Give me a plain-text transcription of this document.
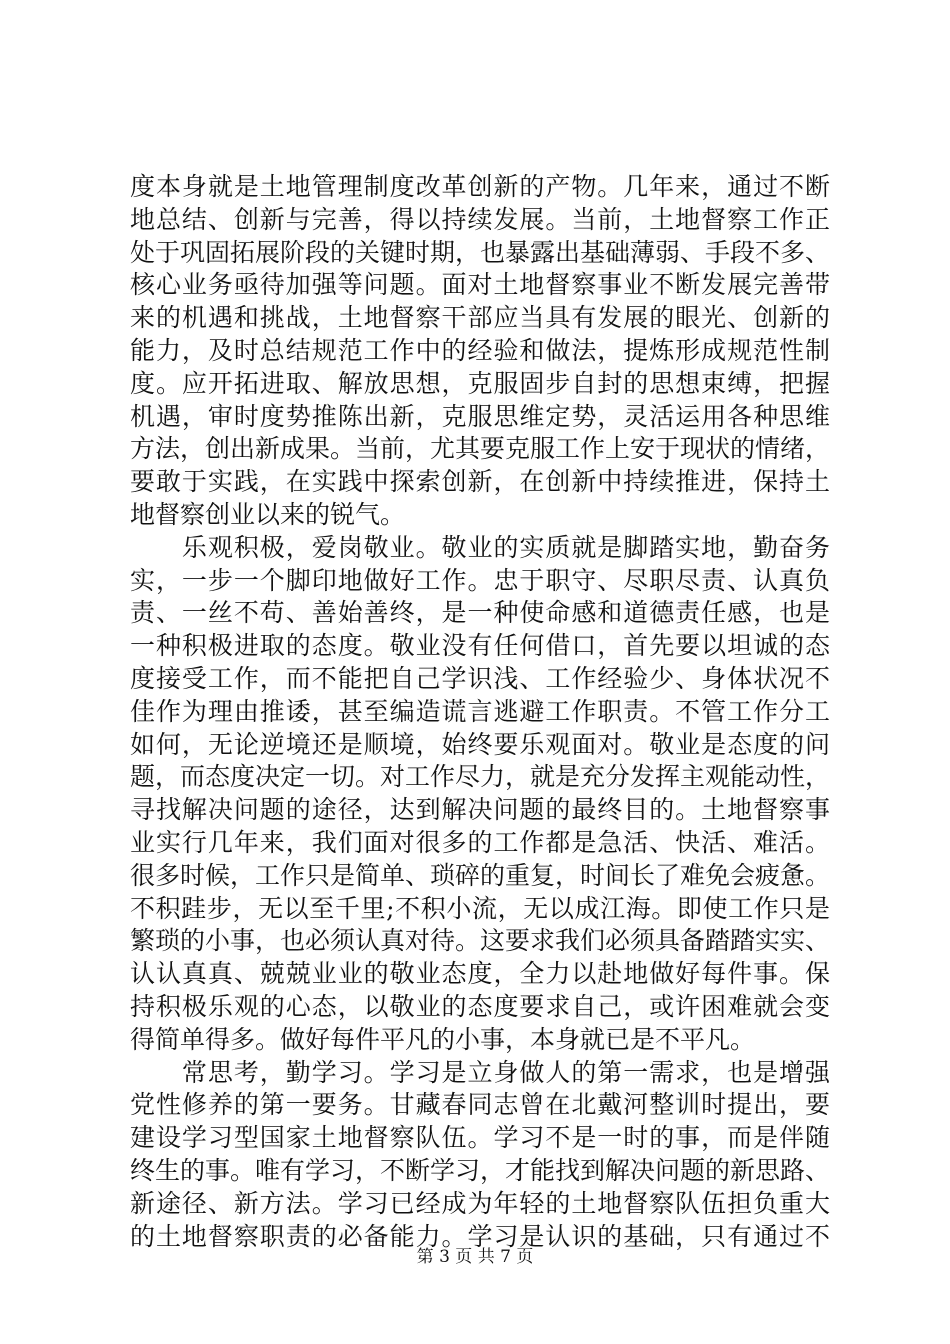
度本身就是土地管理制度改革创新的产物。几年来，通过不断
地总结、创新与完善，得以持续发展。当前，土地督察工作正
处于巩固拓展阶段的关键时期，也暴露出基础薄弱、手段不多、
核心业务亟待加强等问题。面对土地督察事业不断发展完善带
来的机遇和挑战，土地督察干部应当具有发展的眼光、创新的
能力，及时总结规范工作中的经验和做法，提炼形成规范性制
度。应开拓进取、解放思想，克服固步自封的思想束缚，把握
机遇，审时度势推陈出新，克服思维定势，灵活运用各种思维
方法，创出新成果。当前，尤其要克服工作上安于现状的情绪，
要敢于实践，在实践中探索创新，在创新中持续推进，保持土
地督察创业以来的锐气。
　　乐观积极，爱岗敬业。敬业的实质就是脚踏实地，勤奋务
实，一步一个脚印地做好工作。忠于职守、尽职尽责、认真负
责、一丝不苟、善始善终，是一种使命感和道德责任感，也是
一种积极进取的态度。敬业没有任何借口，首先要以坦诚的态
度接受工作，而不能把自己学识浅、工作经验少、身体状况不
佳作为理由推诿，甚至编造谎言逃避工作职责。不管工作分工
如何，无论逆境还是顺境，始终要乐观面对。敬业是态度的问
题，而态度决定一切。对工作尽力，就是充分发挥主观能动性，
寻找解决问题的途径，达到解决问题的最终目的。土地督察事
业实行几年来，我们面对很多的工作都是急活、快活、难活。
很多时候，工作只是简单、琐碎的重复，时间长了难免会疲惫。
不积跬步，无以至千里;不积小流，无以成江海。即使工作只是
繁琐的小事，也必须认真对待。这要求我们必须具备踏踏实实、
认认真真、兢兢业业的敬业态度，全力以赴地做好每件事。保
持积极乐观的心态，以敬业的态度要求自己，或许困难就会变
得简单得多。做好每件平凡的小事，本身就已是不平凡。
　　常思考，勤学习。学习是立身做人的第一需求，也是增强
党性修养的第一要务。甘藏春同志曾在北戴河整训时提出，要
建设学习型国家土地督察队伍。学习不是一时的事，而是伴随
终生的事。唯有学习，不断学习，才能找到解决问题的新思路、
新途径、新方法。学习已经成为年轻的土地督察队伍担负重大
的土地督察职责的必备能力。学习是认识的基础，只有通过不
第 3 页 共 7 页
